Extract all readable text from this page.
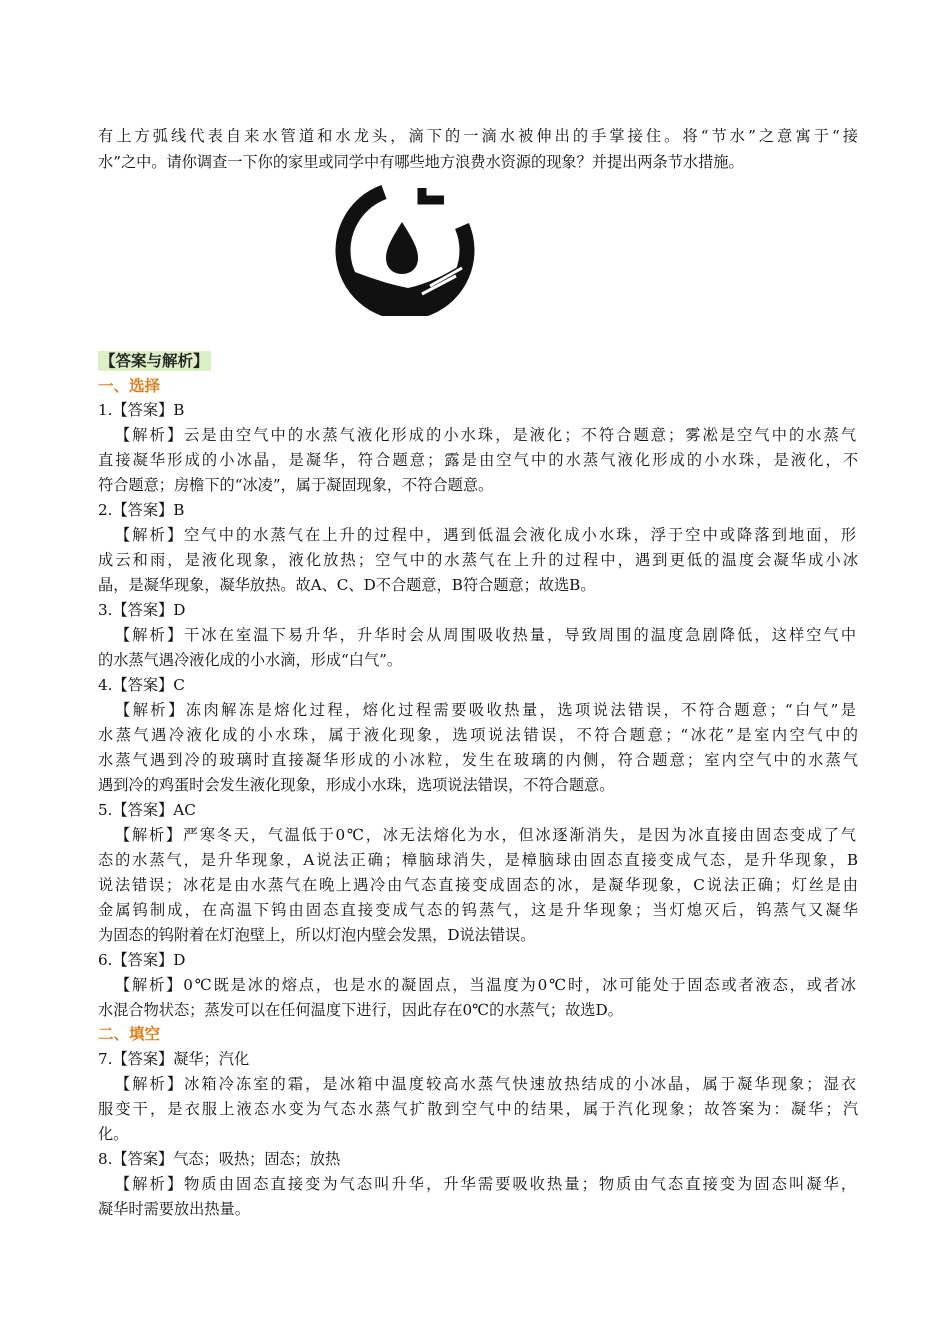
有上方弧线代表自来水管道和水龙头，滴下的一滴水被伸出的手掌接住。将“节水”之意寓于“接
水”之中。请你调查一下你的家里或同学中有哪些地方浪费水资源的现象？并提出两条节水措施。
【答案与解析】
一、选择
1.【答案】B
【解析】云是由空气中的水蒸气液化形成的小水珠，是液化；不符合题意；雾凇是空气中的水蒸气
直接凝华形成的小冰晶，是凝华，符合题意；露是由空气中的水蒸气液化形成的小水珠，是液化，不
符合题意；房檐下的“冰凌”，属于凝固现象，不符合题意。
2.【答案】B
【解析】空气中的水蒸气在上升的过程中，遇到低温会液化成小水珠，浮于空中或降落到地面，形
成云和雨，是液化现象，液化放热；空气中的水蒸气在上升的过程中，遇到更低的温度会凝华成小冰
晶，是凝华现象，凝华放热。故A、C、D不合题意，B符合题意；故选B。
3.【答案】D
【解析】干冰在室温下易升华，升华时会从周围吸收热量，导致周围的温度急剧降低，这样空气中
的水蒸气遇冷液化成的小水滴，形成“白气”。
4.【答案】C
【解析】冻肉解冻是熔化过程，熔化过程需要吸收热量，选项说法错误，不符合题意；“白气”是
水蒸气遇冷液化成的小水珠，属于液化现象，选项说法错误，不符合题意；“冰花”是室内空气中的
水蒸气遇到冷的玻璃时直接凝华形成的小冰粒，发生在玻璃的内侧，符合题意；室内空气中的水蒸气
遇到冷的鸡蛋时会发生液化现象，形成小水珠，选项说法错误，不符合题意。
5.【答案】AC
【解析】严寒冬天，气温低于0℃，冰无法熔化为水，但冰逐渐消失，是因为冰直接由固态变成了气
态的水蒸气，是升华现象，A说法正确；樟脑球消失，是樟脑球由固态直接变成气态，是升华现象，B
说法错误；冰花是由水蒸气在晚上遇冷由气态直接变成固态的冰，是凝华现象，C说法正确；灯丝是由
金属钨制成，在高温下钨由固态直接变成气态的钨蒸气，这是升华现象；当灯熄灭后，钨蒸气又凝华
为固态的钨附着在灯泡壁上，所以灯泡内壁会发黑，D说法错误。
6.【答案】D
【解析】0℃既是冰的熔点，也是水的凝固点，当温度为0℃时，冰可能处于固态或者液态，或者冰
水混合物状态；蒸发可以在任何温度下进行，因此存在0℃的水蒸气；故选D。
二、填空
7.【答案】凝华；汽化
【解析】冰箱冷冻室的霜，是冰箱中温度较高水蒸气快速放热结成的小冰晶，属于凝华现象；湿衣
服变干，是衣服上液态水变为气态水蒸气扩散到空气中的结果，属于汽化现象；故答案为：凝华；汽
化。
8.【答案】气态；吸热；固态；放热
【解析】物质由固态直接变为气态叫升华，升华需要吸收热量；物质由气态直接变为固态叫凝华，
凝华时需要放出热量。
